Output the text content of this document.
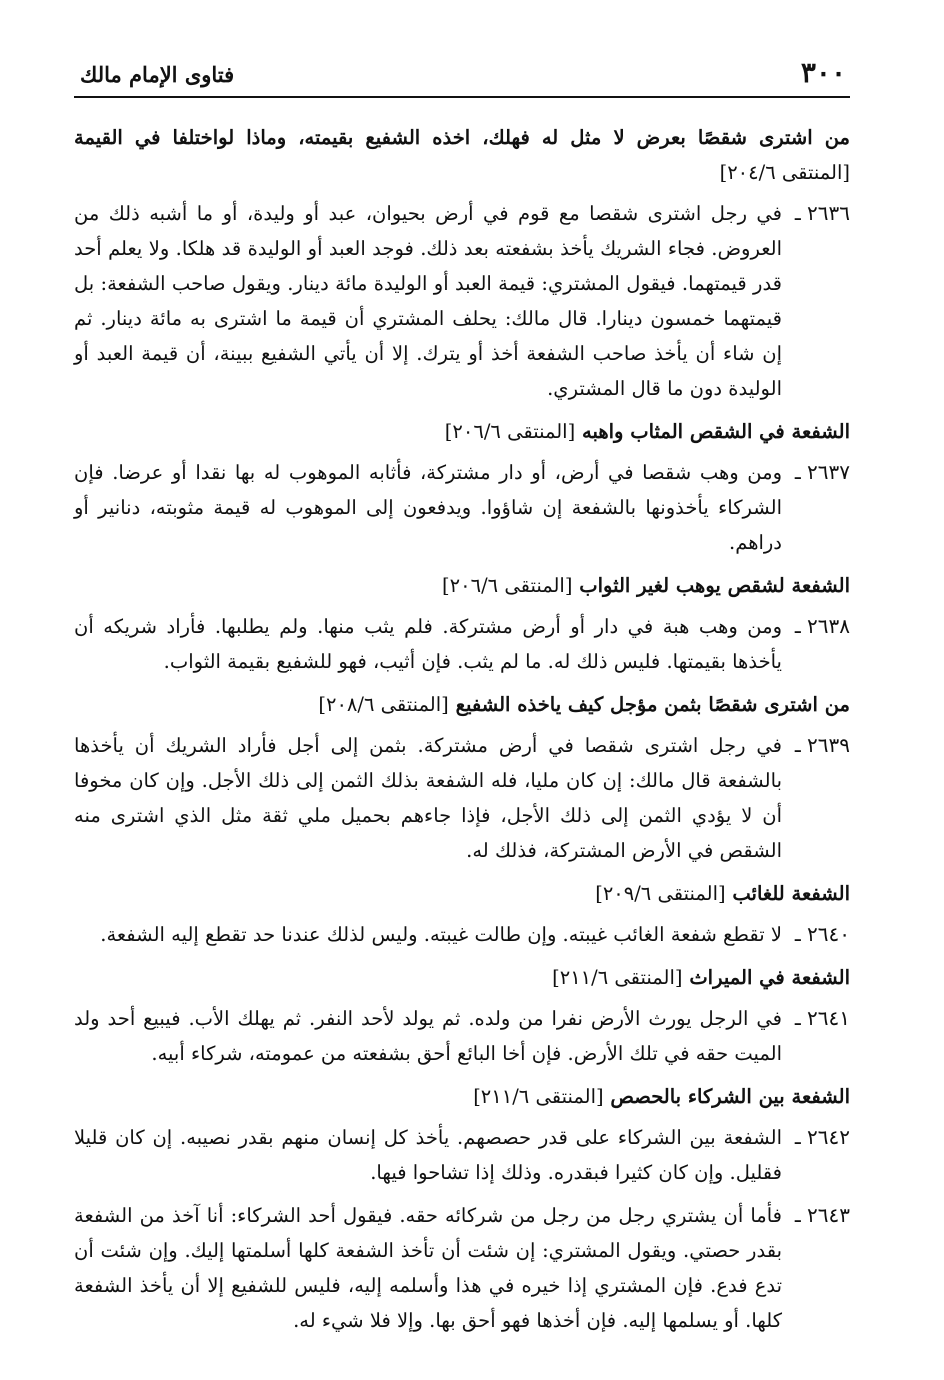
٣٠٠
فتاوى الإمام مالك
من اشترى شقصًا بعرض لا مثل له فهلك، اخذه الشفيع بقيمته، وماذا لواختلفا في القيمة [المنتقى ٢٠٤/٦]
٢٦٣٦ ـ
في رجل اشترى شقصا مع قوم في أرض بحيوان، عبد أو وليدة، أو ما أشبه ذلك من العروض. فجاء الشريك يأخذ بشفعته بعد ذلك. فوجد العبد أو الوليدة قد هلكا. ولا يعلم أحد قدر قيمتهما. فيقول المشتري: قيمة العبد أو الوليدة مائة دينار. ويقول صاحب الشفعة: بل قيمتهما خمسون دينارا. قال مالك: يحلف المشتري أن قيمة ما اشترى به مائة دينار. ثم إن شاء أن يأخذ صاحب الشفعة أخذ أو يترك. إلا أن يأتي الشفيع ببينة، أن قيمة العبد أو الوليدة دون ما قال المشتري.
الشفعة في الشقص المثاب واهبه [المنتقى ٢٠٦/٦]
٢٦٣٧ ـ
ومن وهب شقصا في أرض، أو دار مشتركة، فأثابه الموهوب له بها نقدا أو عرضا. فإن الشركاء يأخذونها بالشفعة إن شاؤوا. ويدفعون إلى الموهوب له قيمة مثوبته، دنانير أو دراهم.
الشفعة لشقص يوهب لغير الثواب [المنتقى ٢٠٦/٦]
٢٦٣٨ ـ
ومن وهب هبة في دار أو أرض مشتركة. فلم يثب منها. ولم يطلبها. فأراد شريكه أن يأخذها بقيمتها. فليس ذلك له. ما لم يثب. فإن أثيب، فهو للشفيع بقيمة الثواب.
من اشترى شقصًا بثمن مؤجل كيف ياخذه الشفيع [المنتقى ٢٠٨/٦]
٢٦٣٩ ـ
في رجل اشترى شقصا في أرض مشتركة. بثمن إلى أجل فأراد الشريك أن يأخذها بالشفعة قال مالك: إن كان مليا، فله الشفعة بذلك الثمن إلى ذلك الأجل. وإن كان مخوفا أن لا يؤدي الثمن إلى ذلك الأجل، فإذا جاءهم بحميل ملي ثقة مثل الذي اشترى منه الشقص في الأرض المشتركة، فذلك له.
الشفعة للغائب [المنتقى ٢٠٩/٦]
٢٦٤٠ ـ
لا تقطع شفعة الغائب غيبته. وإن طالت غيبته. وليس لذلك عندنا حد تقطع إليه الشفعة.
الشفعة في الميراث [المنتقى ٢١١/٦]
٢٦٤١ ـ
في الرجل يورث الأرض نفرا من ولده. ثم يولد لأحد النفر. ثم يهلك الأب. فيبيع أحد ولد الميت حقه في تلك الأرض. فإن أخا البائع أحق بشفعته من عمومته، شركاء أبيه.
الشفعة بين الشركاء بالحصص [المنتقى ٢١١/٦]
٢٦٤٢ ـ
الشفعة بين الشركاء على قدر حصصهم. يأخذ كل إنسان منهم بقدر نصيبه. إن كان قليلا فقليل. وإن كان كثيرا فبقدره. وذلك إذا تشاحوا فيها.
٢٦٤٣ ـ
فأما أن يشتري رجل من رجل من شركائه حقه. فيقول أحد الشركاء: أنا آخذ من الشفعة بقدر حصتي. ويقول المشتري: إن شئت أن تأخذ الشفعة كلها أسلمتها إليك. وإن شئت أن تدع فدع. فإن المشتري إذا خيره في هذا وأسلمه إليه، فليس للشفيع إلا أن يأخذ الشفعة كلها. أو يسلمها إليه. فإن أخذها فهو أحق بها. وإلا فلا شيء له.
